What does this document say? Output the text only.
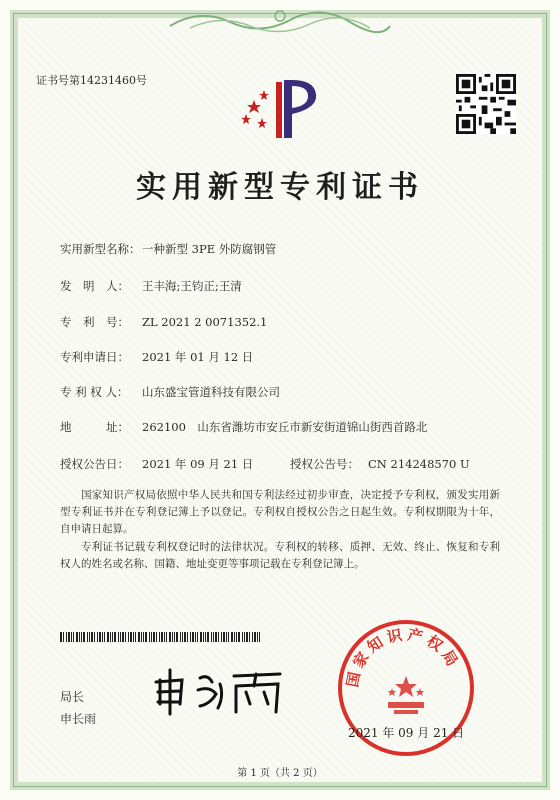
证书号第14231460号
实用新型专利证书
实用新型名称： 一种新型 3PE 外防腐钢管
发　明　人： 王丰海;王钧正;王清
专　利　号： ZL 2021 2 0071352.1
专利申请日： 2021 年 01 月 12 日
专 利 权 人： 山东盛宝管道科技有限公司
地　　　址： 262100　山东省潍坊市安丘市新安街道锦山街西首路北
授权公告日： 2021 年 09 月 21 日	授权公告号： CN 214248570 U
国家知识产权局依照中华人民共和国专利法经过初步审查，决定授予专利权，颁发实用新型专利证书并在专利登记簿上予以登记。专利权自授权公告之日起生效。专利权期限为十年，自申请日起算。
专利证书记载专利权登记时的法律状况。专利权的转移、质押、无效、终止、恢复和专利权人的姓名或名称、国籍、地址变更等事项记载在专利登记簿上。
局长
申长雨
国家知识产权局
2021 年 09 月 21 日
第 1 页（共 2 页）
